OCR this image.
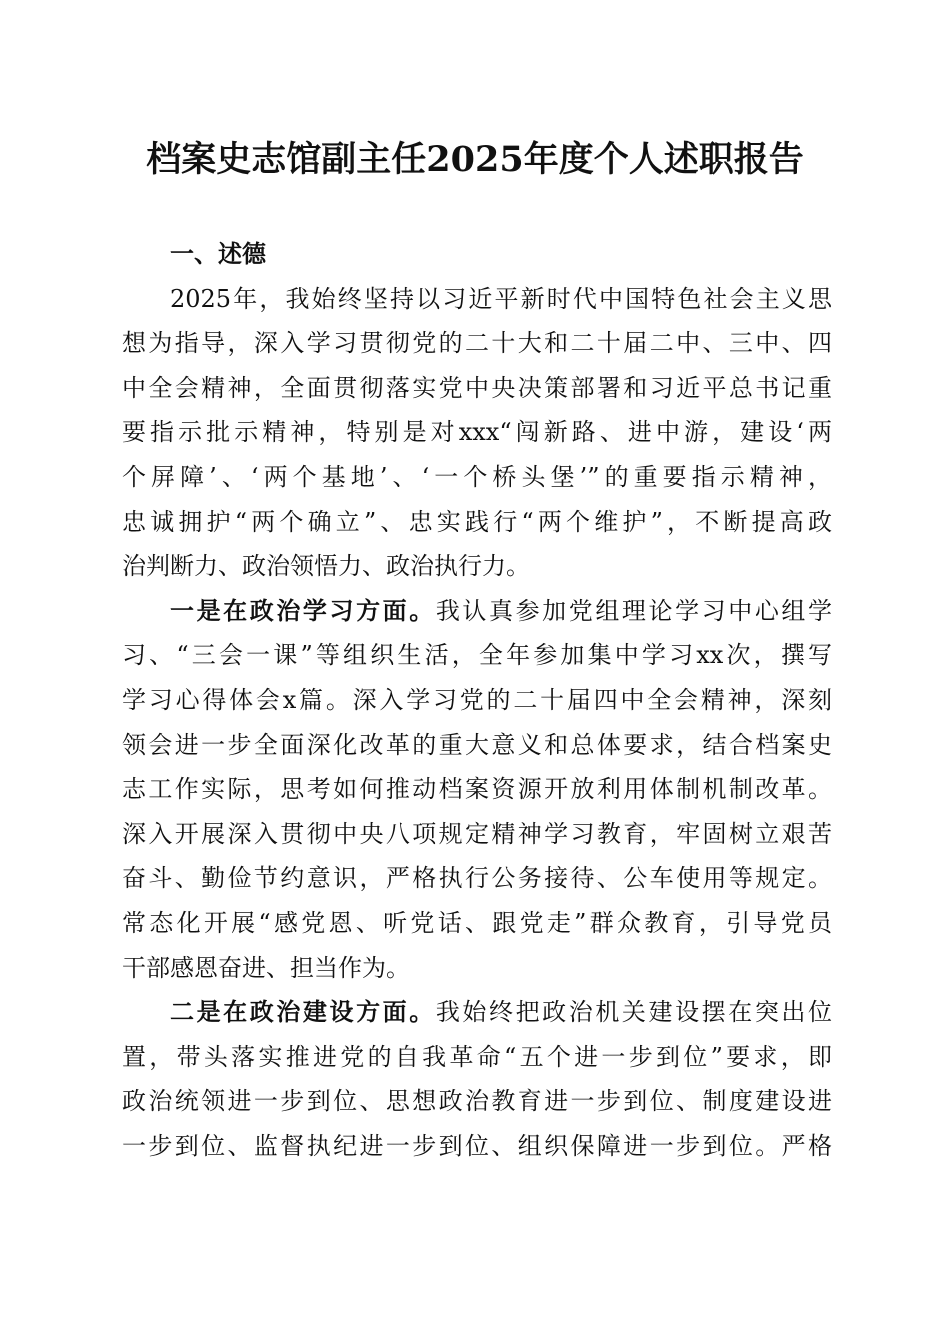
档案史志馆副主任2025年度个人述职报告
一、述德
2025年，我始终坚持以习近平新时代中国特色社会主义思
想为指导，深入学习贯彻党的二十大和二十届二中、三中、四
中全会精神，全面贯彻落实党中央决策部署和习近平总书记重
要指示批示精神，特别是对xxx“闯新路、进中游，建设‘两
个屏障’、‘两个基地’、‘一个桥头堡’”的重要指示精神，
忠诚拥护“两个确立”、忠实践行“两个维护”，不断提高政
治判断力、政治领悟力、政治执行力。
一是在政治学习方面。我认真参加党组理论学习中心组学
习、“三会一课”等组织生活，全年参加集中学习xx次，撰写
学习心得体会x篇。深入学习党的二十届四中全会精神，深刻
领会进一步全面深化改革的重大意义和总体要求，结合档案史
志工作实际，思考如何推动档案资源开放利用体制机制改革。
深入开展深入贯彻中央八项规定精神学习教育，牢固树立艰苦
奋斗、勤俭节约意识，严格执行公务接待、公车使用等规定。
常态化开展“感党恩、听党话、跟党走”群众教育，引导党员
干部感恩奋进、担当作为。
二是在政治建设方面。我始终把政治机关建设摆在突出位
置，带头落实推进党的自我革命“五个进一步到位”要求，即
政治统领进一步到位、思想政治教育进一步到位、制度建设进
一步到位、监督执纪进一步到位、组织保障进一步到位。严格
